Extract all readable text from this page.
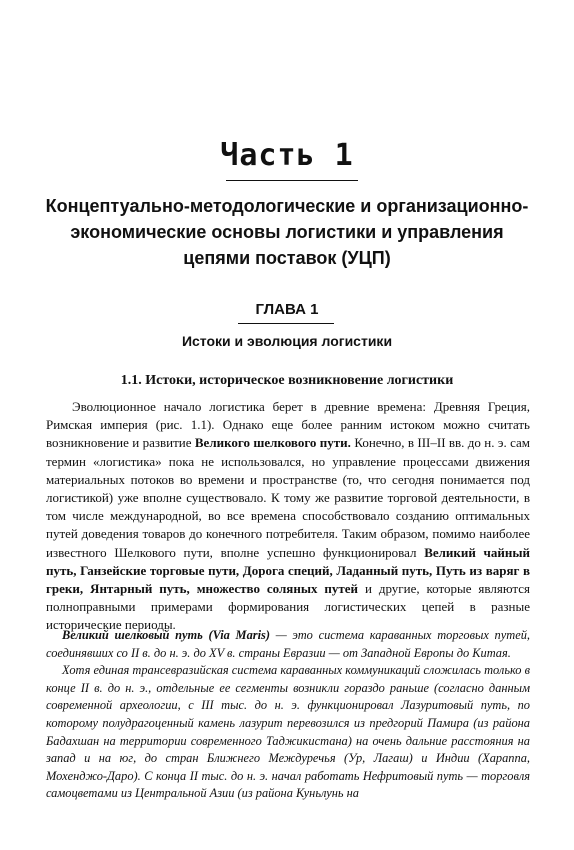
Часть 1
Концептуально-методологические и организационно-экономические основы логистики и управления цепями поставок (УЦП)
ГЛАВА 1
Истоки и эволюция логистики
1.1. Истоки, историческое возникновение логистики

Эволюционное начало логистика берет в древние времена: Древняя Греция, Римская империя (рис. 1.1). Однако еще более ранним истоком можно считать возникновение и развитие Великого шелкового пути. Конечно, в III–II вв. до н. э. сам термин «логистика» пока не использовался, но управление процессами движения материальных потоков во времени и пространстве (то, что сегодня понимается под логистикой) уже вполне существовало. К тому же развитие торговой деятельности, в том числе международной, во все времена способствовало созданию оптимальных путей доведения товаров до конечного потребителя. Таким образом, помимо наиболее известного Шелкового пути, вполне успешно функционировал Великий чайный путь, Ганзейские торговые пути, Дорога специй, Ладанный путь, Путь из варяг в греки, Янтарный путь, множество соляных путей и другие, которые являются полноправными примерами формирования логистических цепей в разные исторические периоды.

Великий шелковый путь (Via Maris) — это система караванных торговых путей, соединявших со II в. до н. э. до XV в. страны Евразии — от Западной Европы до Китая.

Хотя единая трансевразийская система караванных коммуникаций сложилась только в конце II в. до н. э., отдельные ее сегменты возникли гораздо раньше (согласно данным современной археологии, с III тыс. до н. э. функционировал Лазуритовый путь, по которому полудрагоценный камень лазурит перевозился из предгорий Памира (из района Бадахшан на территории современного Таджикистана) на очень дальние расстояния на запад и на юг, до стран Ближнего Междуречья (Ур, Лагаш) и Индии (Хараппа, Мохенджо-Даро). С конца II тыс. до н. э. начал работать Нефритовый путь — торговля самоцветами из Центральной Азии (из района Куньлунь на
